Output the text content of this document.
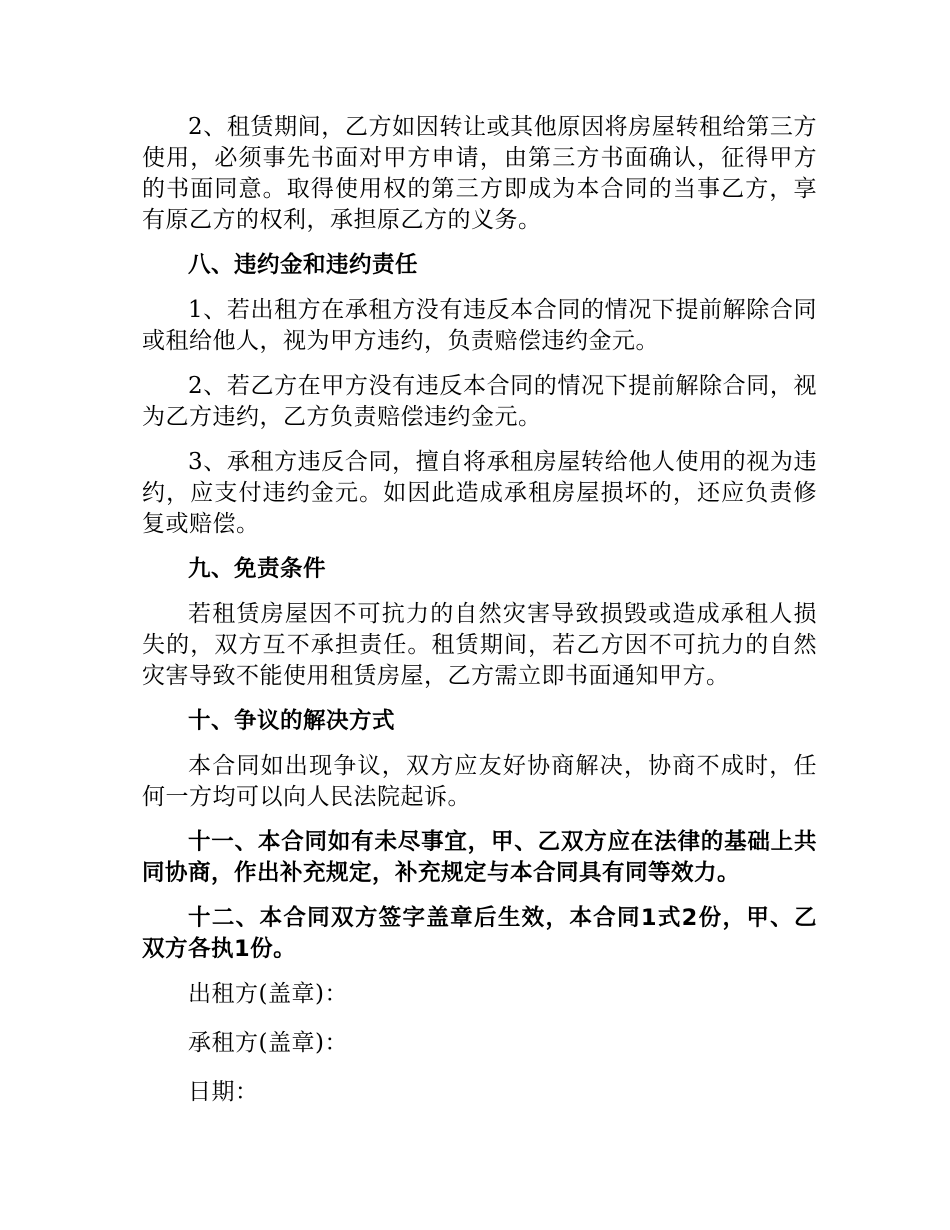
2、租赁期间，乙方如因转让或其他原因将房屋转租给第三方使用，必须事先书面对甲方申请，由第三方书面确认，征得甲方的书面同意。取得使用权的第三方即成为本合同的当事乙方，享有原乙方的权利，承担原乙方的义务。

八、违约金和违约责任

1、若出租方在承租方没有违反本合同的情况下提前解除合同或租给他人，视为甲方违约，负责赔偿违约金元。

2、若乙方在甲方没有违反本合同的情况下提前解除合同，视为乙方违约，乙方负责赔偿违约金元。

3、承租方违反合同，擅自将承租房屋转给他人使用的视为违约，应支付违约金元。如因此造成承租房屋损坏的，还应负责修复或赔偿。

九、免责条件

若租赁房屋因不可抗力的自然灾害导致损毁或造成承租人损失的，双方互不承担责任。租赁期间，若乙方因不可抗力的自然灾害导致不能使用租赁房屋，乙方需立即书面通知甲方。

十、争议的解决方式

本合同如出现争议，双方应友好协商解决，协商不成时，任何一方均可以向人民法院起诉。

十一、本合同如有未尽事宜，甲、乙双方应在法律的基础上共同协商，作出补充规定，补充规定与本合同具有同等效力。

十二、本合同双方签字盖章后生效，本合同1式2份，甲、乙双方各执1份。

出租方(盖章)：

承租方(盖章)：

日期：
